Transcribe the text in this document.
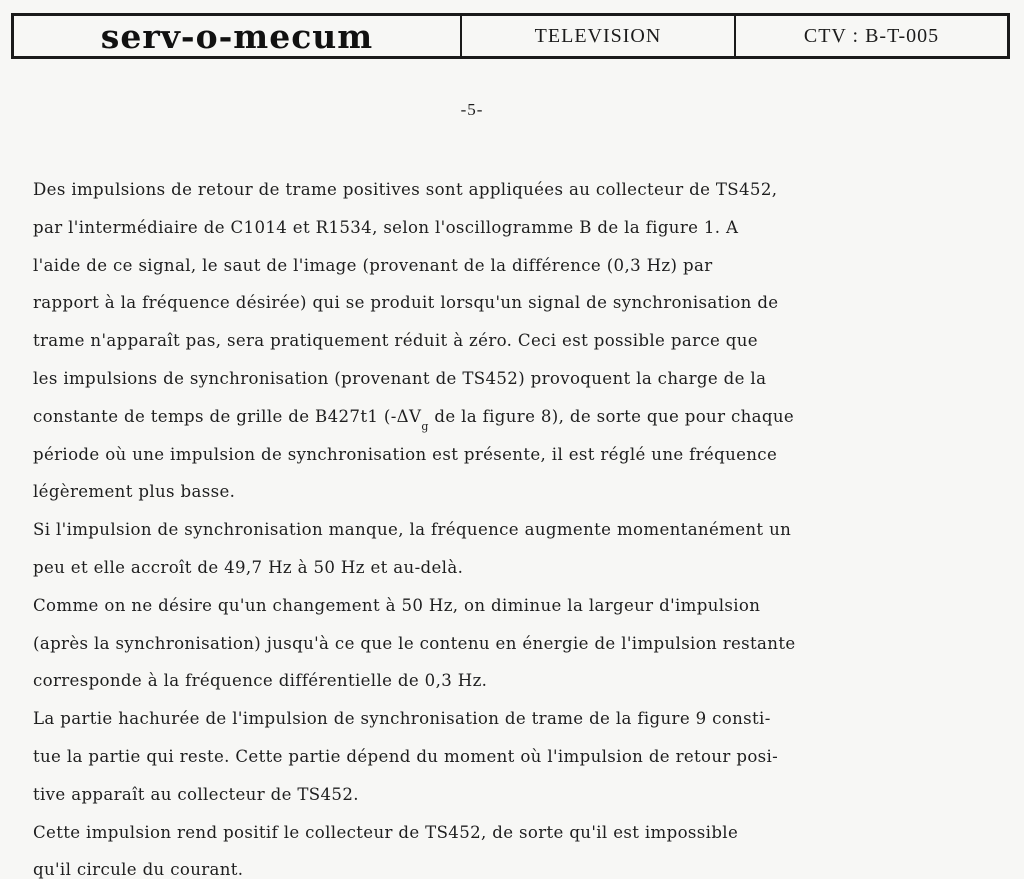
serv-o-mecum	TELEVISION	CTV : B-T-005
-5-
Des impulsions de retour de trame positives sont appliquées au collecteur de TS452,
par l'intermédiaire de C1014 et R1534, selon l'oscillogramme B de la figure 1. A
l'aide de ce signal, le saut de l'image (provenant de la différence (0,3 Hz) par
rapport à la fréquence désirée) qui se produit lorsqu'un signal de synchronisation de
trame n'apparaît pas, sera pratiquement réduit à zéro. Ceci est possible parce que
les impulsions de synchronisation (provenant de TS452) provoquent la charge de la
constante de temps de grille de B427t1 ($-\Delta V_g$ de la figure 8), de sorte que pour chaque
période où une impulsion de synchronisation est présente, il est réglé une fréquence
légèrement plus basse.
Si l'impulsion de synchronisation manque, la fréquence augmente momentanément un
peu et elle accroît de 49,7 Hz à 50 Hz et au-delà.
Comme on ne désire qu'un changement à 50 Hz, on diminue la largeur d'impulsion
(après la synchronisation) jusqu'à ce que le contenu en énergie de l'impulsion restante
corresponde à la fréquence différentielle de 0,3 Hz.
La partie hachurée de l'impulsion de synchronisation de trame de la figure 9 consti-
tue la partie qui reste. Cette partie dépend du moment où l'impulsion de retour posi-
tive apparaît au collecteur de TS452.
Cette impulsion rend positif le collecteur de TS452, de sorte qu'il est impossible
qu'il circule du courant.
